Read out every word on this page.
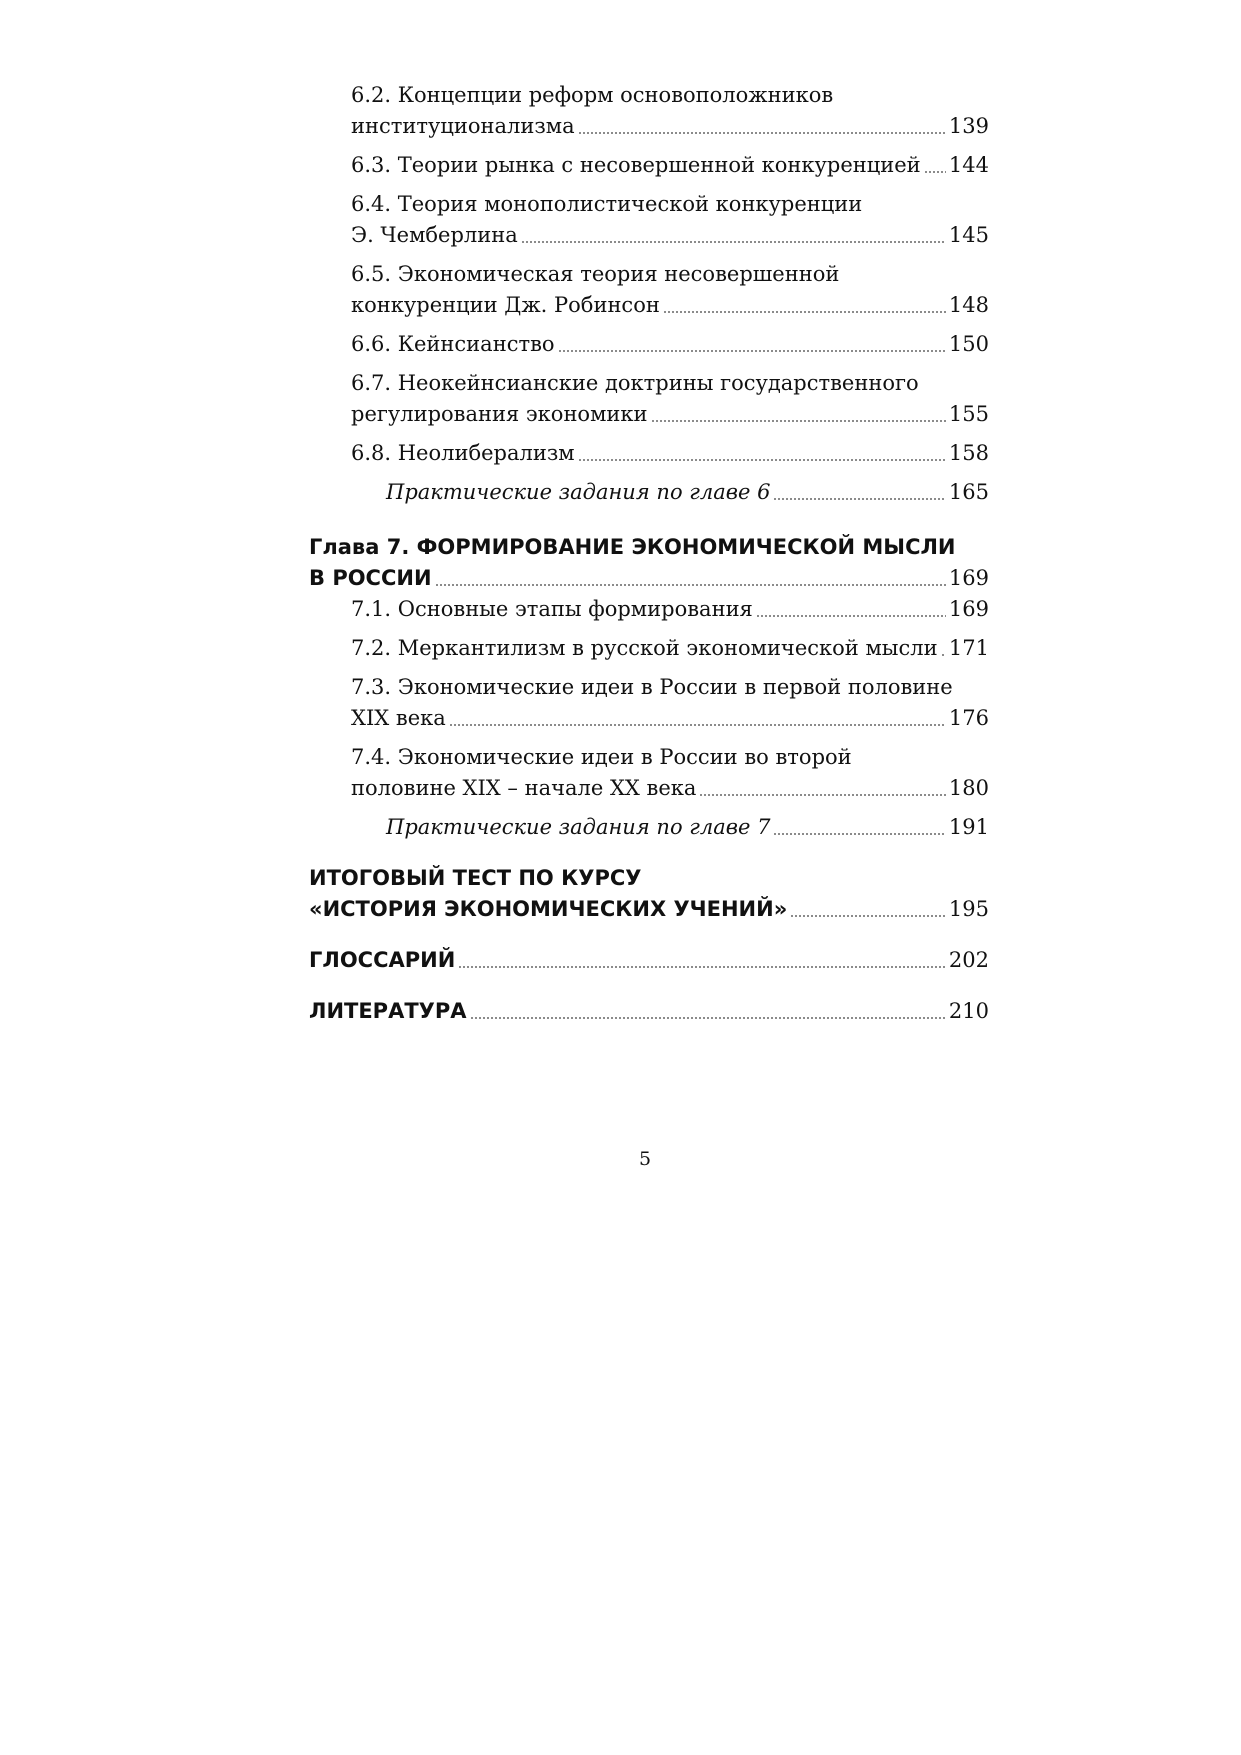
6.2. Концепции реформ основоположников
институционализма	139
6.3. Теории рынка с несовершенной конкуренцией 144
6.4. Теория монополистической конкуренции
Э. Чемберлина	145
6.5. Экономическая теория несовершенной
конкуренции Дж. Робинсон	148
6.6. Кейнсианство	150
6.7. Неокейнсианские доктрины государственного
регулирования экономики	155
6.8. Неолиберализм	158
Практические задания по главе 6	165
Глава 7. ФОРМИРОВАНИЕ ЭКОНОМИЧЕСКОЙ МЫСЛИ
В РОССИИ	169
7.1. Основные этапы формирования	169
7.2. Меркантилизм в русской экономической мысли 171
7.3. Экономические идеи в России в первой половине
XIX века	176
7.4. Экономические идеи в России во второй
половине XIX – начале XX века	180
Практические задания по главе 7	191
ИТОГОВЫЙ ТЕСТ ПО КУРСУ
«ИСТОРИЯ ЭКОНОМИЧЕСКИХ УЧЕНИЙ»	195
ГЛОССАРИЙ	202
ЛИТЕРАТУРА	210
5
